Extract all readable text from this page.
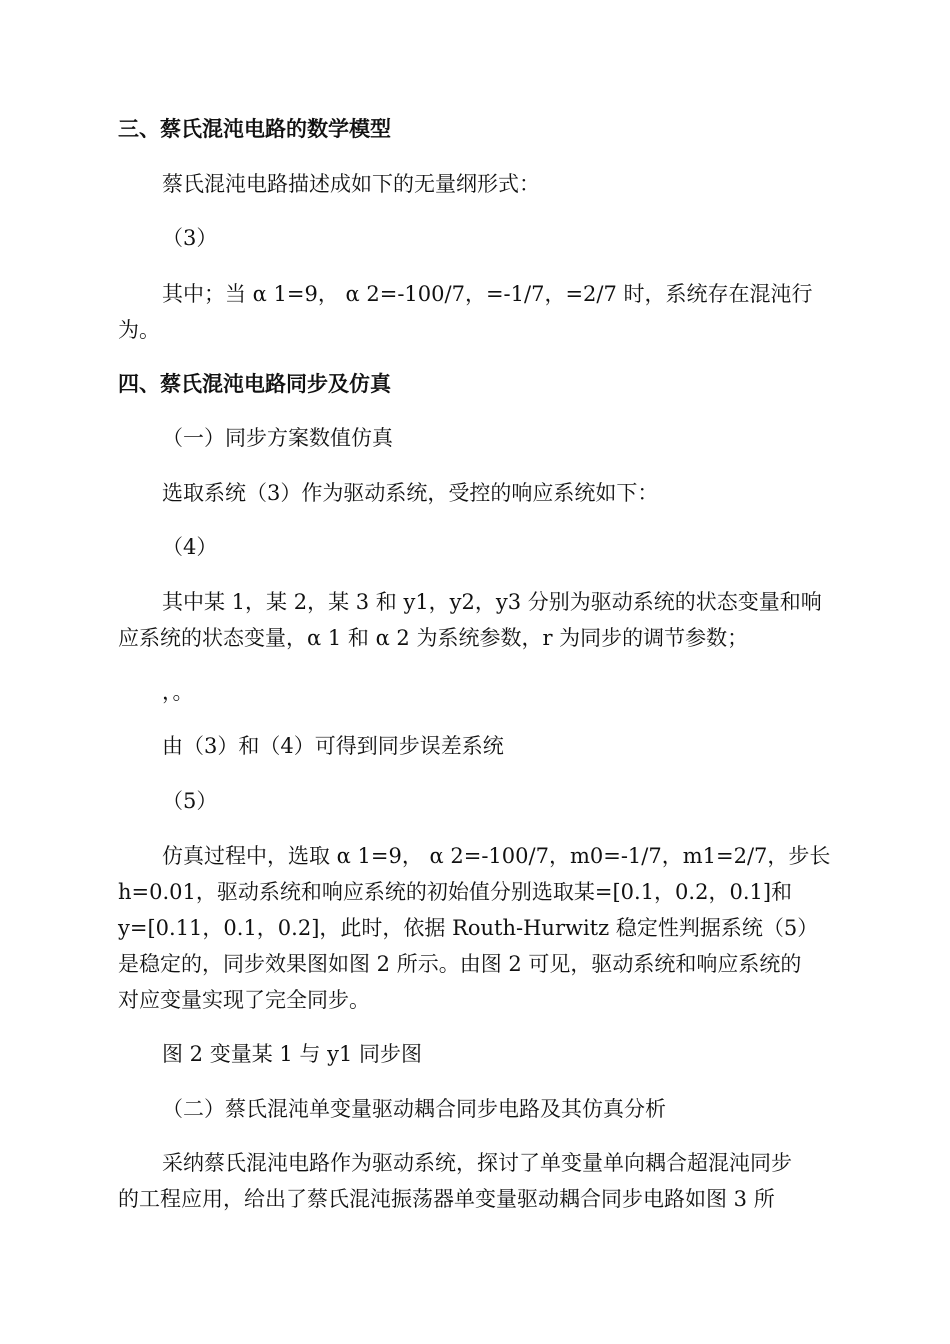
三、蔡氏混沌电路的数学模型
蔡氏混沌电路描述成如下的无量纲形式：
（3）
其中；当 α 1=9， α 2=-100/7，=-1/7，=2/7 时，系统存在混沌行
为。
四、蔡氏混沌电路同步及仿真
（一）同步方案数值仿真
选取系统（3）作为驱动系统，受控的响应系统如下：
（4）
其中某 1，某 2，某 3 和 y1，y2，y3 分别为驱动系统的状态变量和响
应系统的状态变量，α 1 和 α 2 为系统参数，r 为同步的调节参数；
，。
由（3）和（4）可得到同步误差系统
（5）
仿真过程中，选取 α 1=9， α 2=-100/7，m0=-1/7，m1=2/7，步长
h=0.01，驱动系统和响应系统的初始值分别选取某=[0.1，0.2，0.1]和
y=[0.11，0.1，0.2]，此时，依据 Routh-Hurwitz 稳定性判据系统（5）
是稳定的，同步效果图如图 2 所示。由图 2 可见，驱动系统和响应系统的
对应变量实现了完全同步。
图 2 变量某 1 与 y1 同步图
（二）蔡氏混沌单变量驱动耦合同步电路及其仿真分析
采纳蔡氏混沌电路作为驱动系统，探讨了单变量单向耦合超混沌同步
的工程应用，给出了蔡氏混沌振荡器单变量驱动耦合同步电路如图 3 所
